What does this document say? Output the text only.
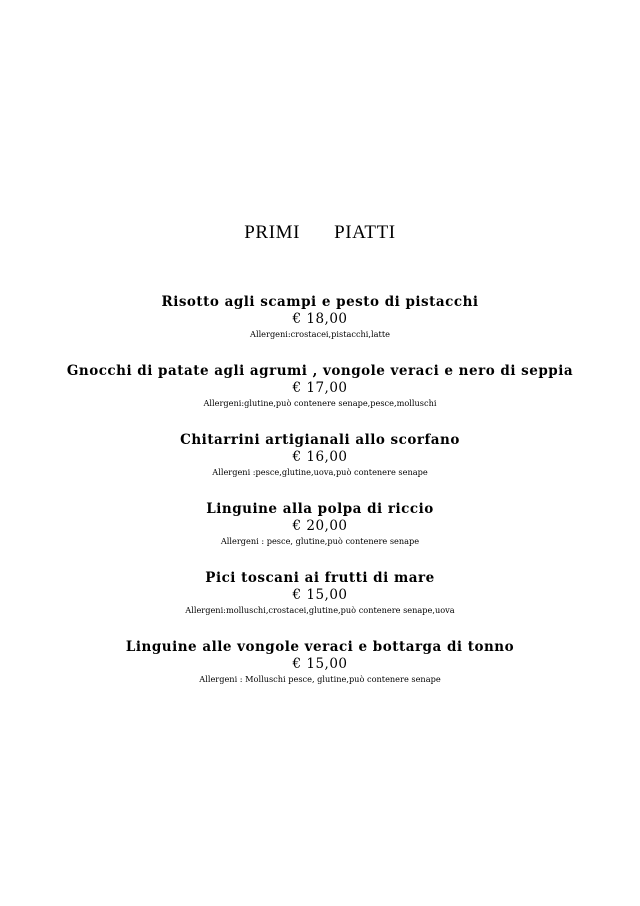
PRIMI   PIATTI
Risotto agli scampi e pesto di pistacchi
€ 18,00
Allergeni:crostacei,pistacchi,latte
Gnocchi di patate agli agrumi , vongole veraci e nero di seppia
€ 17,00
Allergeni:glutine,può contenere senape,pesce,molluschi
Chitarrini artigianali allo scorfano
€ 16,00
Allergeni :pesce,glutine,uova,può contenere senape
Linguine alla polpa di riccio
€ 20,00
Allergeni : pesce, glutine,può contenere senape
Pici toscani ai frutti di mare
€ 15,00
Allergeni:molluschi,crostacei,glutine,può contenere senape,uova
Linguine alle vongole veraci e bottarga di tonno
€ 15,00
Allergeni : Molluschi pesce, glutine,può contenere senape
